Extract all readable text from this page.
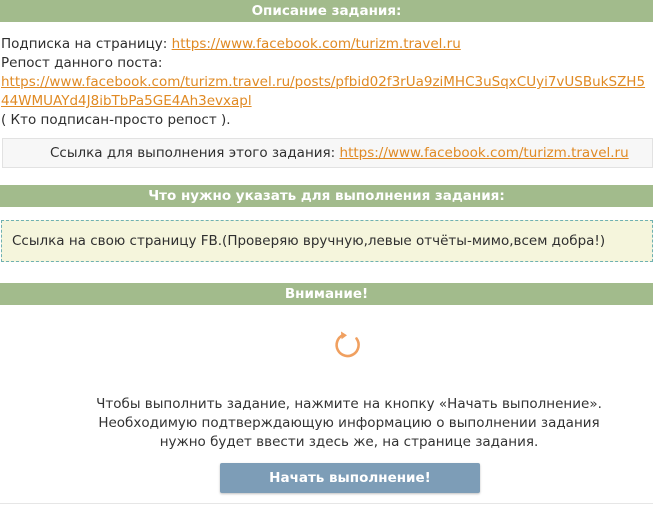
Описание задания:
Подписка на страницу: https://www.facebook.com/turizm.travel.ru
Репост данного поста:
https://www.facebook.com/turizm.travel.ru/posts/pfbid02f3rUa9ziMHC3uSqxCUyi7vUSBukSZH544WMUAYd4J8ibTbPa5GE4Ah3evxapl
( Кто подписан-просто репост ).
Ссылка для выполнения этого задания: https://www.facebook.com/turizm.travel.ru
Что нужно указать для выполнения задания:
Ссылка на свою страницу FB.(Проверяю вручную,левые отчёты-мимо,всем добра!)
Внимание!
Чтобы выполнить задание, нажмите на кнопку «Начать выполнение».
Необходимую подтверждающую информацию о выполнении задания
нужно будет ввести здесь же, на странице задания.
Начать выполнение!
